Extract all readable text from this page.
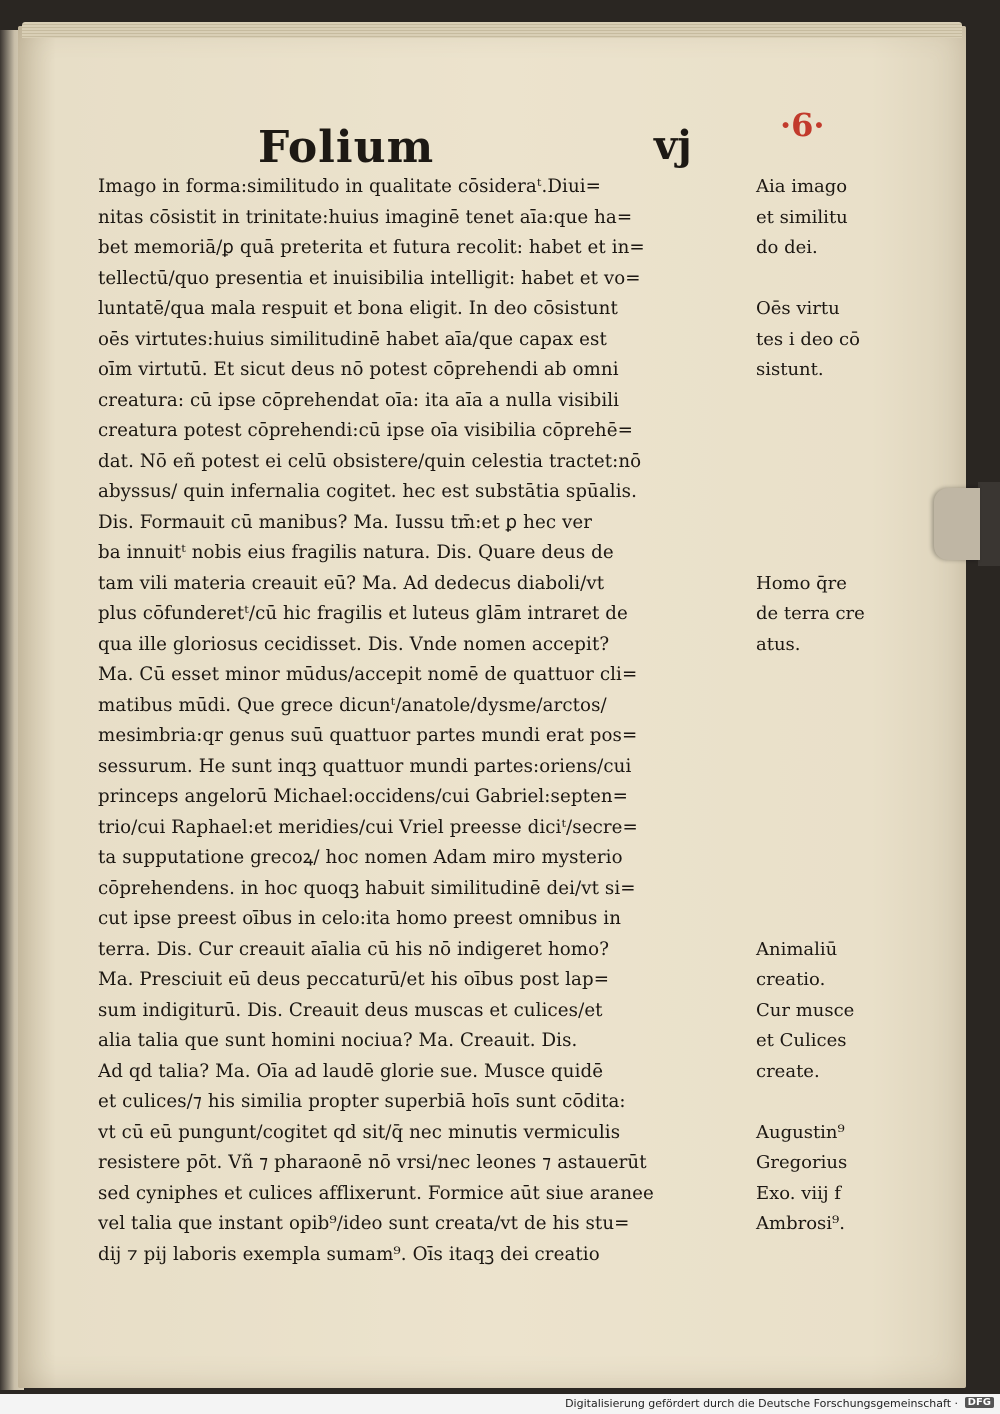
Folium	vj	·6·
Imago in forma:similitudo in qualitate cōsideraᵗ.Diui=
nitas cōsistit in trinitate:huius imaginē tenet aīa:que ha=
bet memoriā/ꝑ quā preterita et futura recolit: habet et in=
tellectū/quo presentia et inuisibilia intelligit: habet et vo=
luntatē/qua mala respuit et bona eligit. In deo cōsistunt
oēs virtutes:huius similitudinē habet aīa/que capax est
oīm virtutū. Et sicut deus nō potest cōprehendi ab omni
creatura: cū ipse cōprehendat oīa: ita aīa a nulla visibili
creatura potest cōprehendi:cū ipse oīa visibilia cōprehē=
dat. Nō eñ potest ei celū obsistere/quin celestia tractet:nō
abyssus/ quin infernalia cogitet. hec est substātia spūalis.
Dis. Formauit cū manibus? Ma. Iussu tm̄:et ꝑ hec ver
ba innuitᵗ nobis eius fragilis natura. Dis. Quare deus de
tam vili materia creauit eū? Ma. Ad dedecus diaboli/vt
plus cōfunderetᵗ/cū hic fragilis et luteus glām intraret de
qua ille gloriosus cecidisset. Dis. Vnde nomen accepit?
Ma. Cū esset minor mūdus/accepit nomē de quattuor cli=
matibus mūdi. Que grece dicunᵗ/anatole/dysme/arctos/
mesimbria:qr genus suū quattuor partes mundi erat pos=
sessurum. He sunt inqꝫ quattuor mundi partes:oriens/cui
princeps angelorū Michael:occidens/cui Gabriel:septen=
trio/cui Raphael:et meridies/cui Vriel preesse diciᵗ/secre=
ta supputatione grecoꝝ/ hoc nomen Adam miro mysterio
cōprehendens. in hoc quoqꝫ habuit similitudinē dei/vt si=
cut ipse preest oībus in celo:ita homo preest omnibus in
terra. Dis. Cur creauit aīalia cū his nō indigeret homo?
Ma. Presciuit eū deus peccaturū/et his oībus post lap=
sum indigiturū. Dis. Creauit deus muscas et culices/et
alia talia que sunt homini nociua? Ma. Creauit. Dis.
Ad qd talia? Ma. Oīa ad laudē glorie sue. Musce quidē
et culices/⁊ his similia propter superbiā hoīs sunt cōdita:
vt cū eū pungunt/cogitet qd sit/q̄ nec minutis vermiculis
resistere pōt. Vñ ⁊ pharaonē nō vrsi/nec leones ⁊ astauerūt
sed cyniphes et culices afflixerunt. Formice aūt siue aranee
vel talia que instant opib⁹/ideo sunt creata/vt de his stu=
dij ⁊ pij laboris exempla sumam⁹. Oīs itaqꝫ dei creatio
Aia imago
et similitu
do dei.
Oēs virtu
tes i deo cō
sistunt.
Homo q̄re
de terra cre
atus.
Animaliū
creatio.
Cur musce
et Culices
create.
Augustin⁹
Gregorius
Exo. viij f
Ambrosi⁹.
Digitalisierung gefördert durch die Deutsche Forschungsgemeinschaft · DFG
